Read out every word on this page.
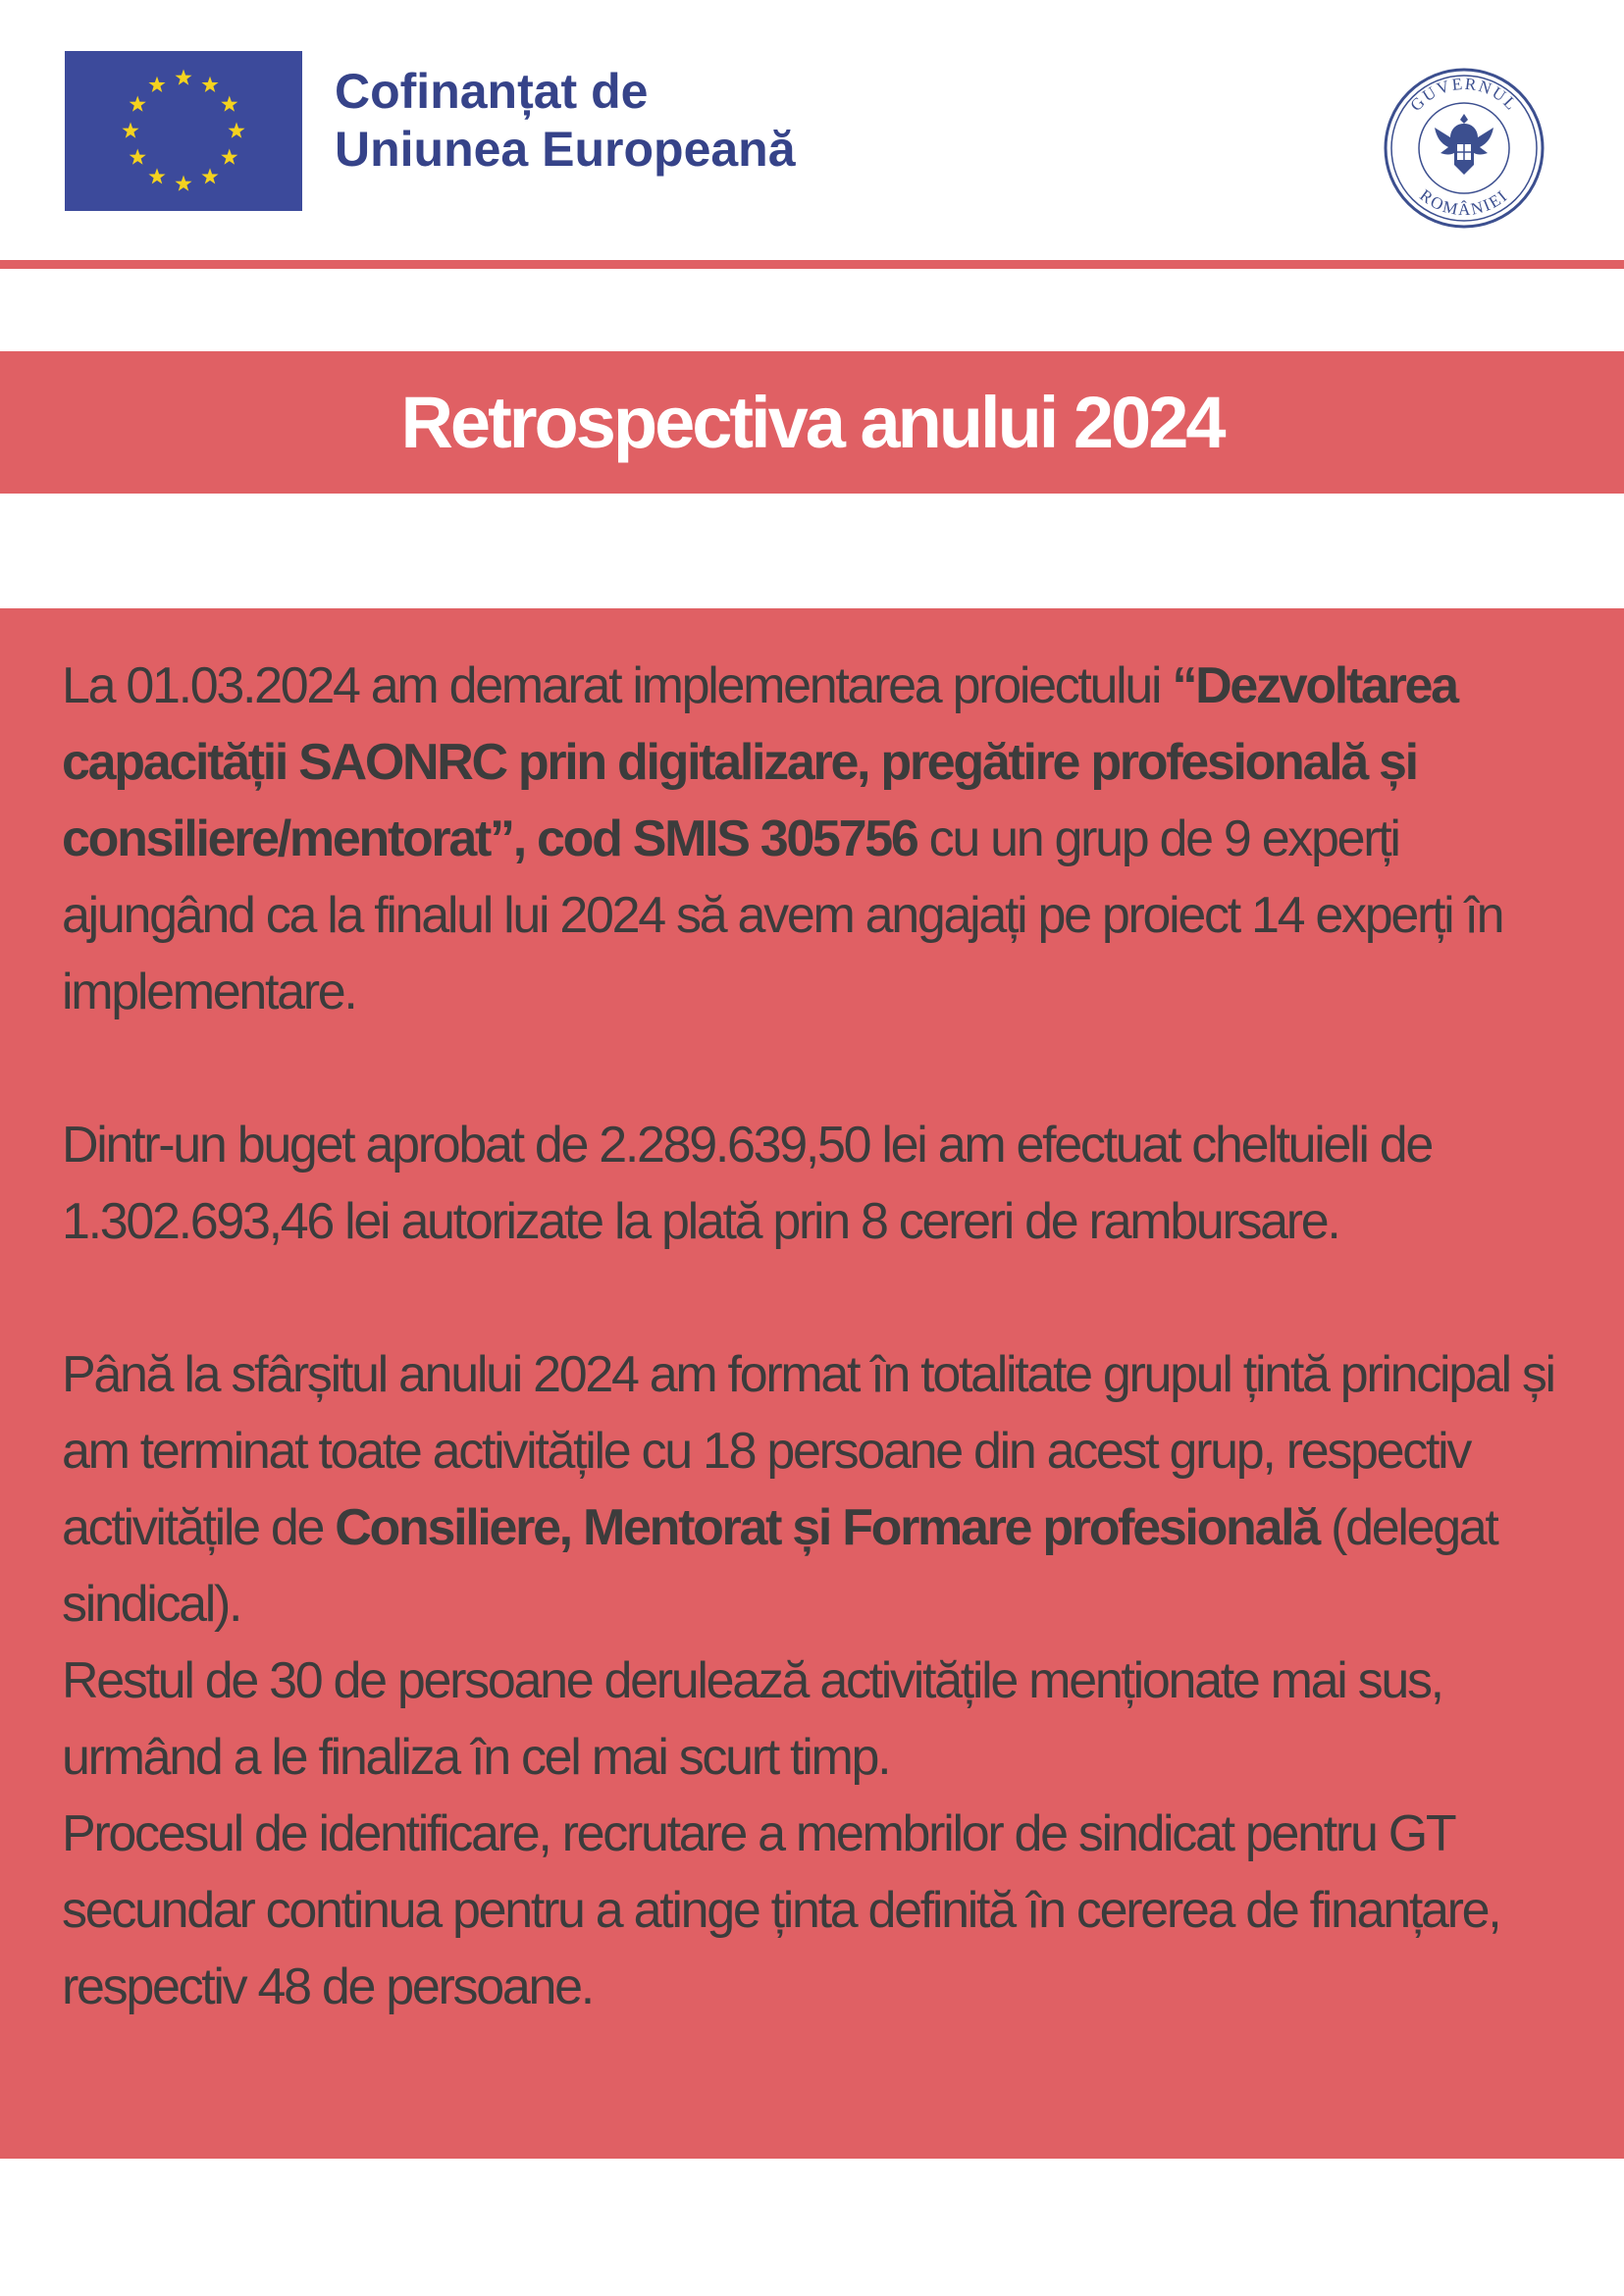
Cofinanțat de
Uniunea Europeană
GUVERNUL
ROMÂNIEI
Retrospectiva anului 2024

La 01.03.2024 am demarat implementarea proiectului “Dezvoltarea capacității SAONRC prin digitalizare, pregătire profesională și consiliere/mentorat”, cod SMIS 305756 cu un grup de 9 experți ajungând ca la finalul lui 2024 să avem angajați pe proiect 14 experți în implementare.

Dintr-un buget aprobat de 2.289.639,50 lei am efectuat cheltuieli de 1.302.693,46 lei autorizate la plată prin 8 cereri de rambursare.

Până la sfârșitul anului 2024 am format în totalitate grupul țintă principal și am terminat toate activitățile cu 18 persoane din acest grup, respectiv activitățile de Consiliere, Mentorat și Formare profesională (delegat sindical).

Restul de 30 de persoane derulează activitățile menționate mai sus, urmând a le finaliza în cel mai scurt timp.

Procesul de identificare, recrutare a membrilor de sindicat pentru GT secundar continua pentru a atinge ținta definită în cererea de finanțare, respectiv 48 de persoane.
